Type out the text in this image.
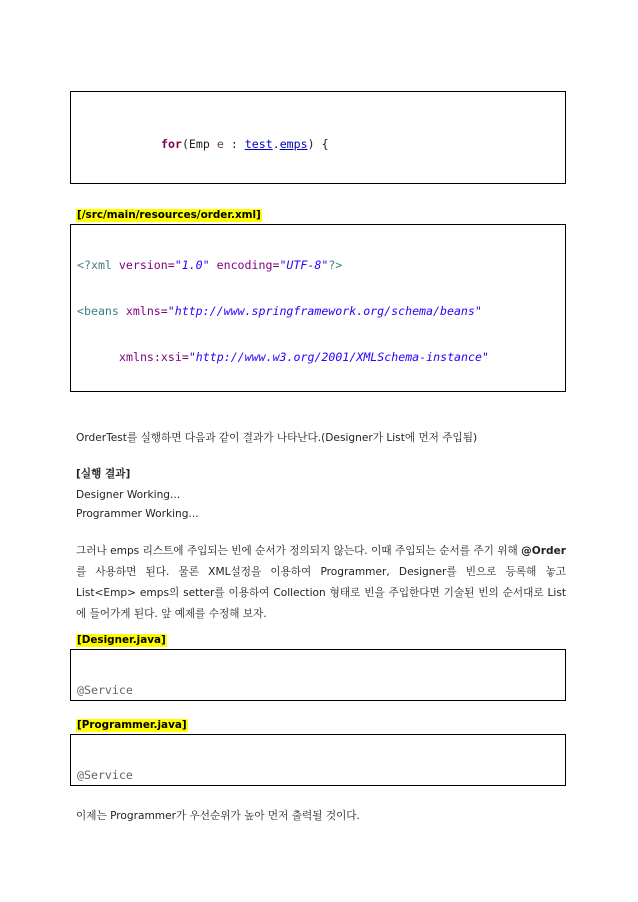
for(Emp e : test.emps) {

[/src/main/resources/order.xml]

<?xml version="1.0" encoding="UTF-8"?>

<beans xmlns="http://www.springframework.org/schema/beans"

xmlns:xsi="http://www.w3.org/2001/XMLSchema-instance"

OrderTest를 실행하면 다음과 같이 결과가 나타난다.(Designer가 List에 먼저 주입됨)
[실행 결과]
Designer Working...
Programmer Working...
그러나 emps 리스트에 주입되는 빈에 순서가 정의되지 않는다. 이때 주입되는 순서를 주기 위해 @Order를 사용하면 된다. 물론 XML설정을 이용하여 Programmer, Designer를 빈으로 등록해 놓고 List<Emp> emps의 setter를 이용하여 Collection 형태로 빈을 주입한다면 기술된 빈의 순서대로 List에 들어가게 된다. 앞 예제를 수정해 보자.
[Designer.java]

@Service

[Programmer.java]

@Service

이제는 Programmer가 우선순위가 높아 먼저 출력될 것이다.
